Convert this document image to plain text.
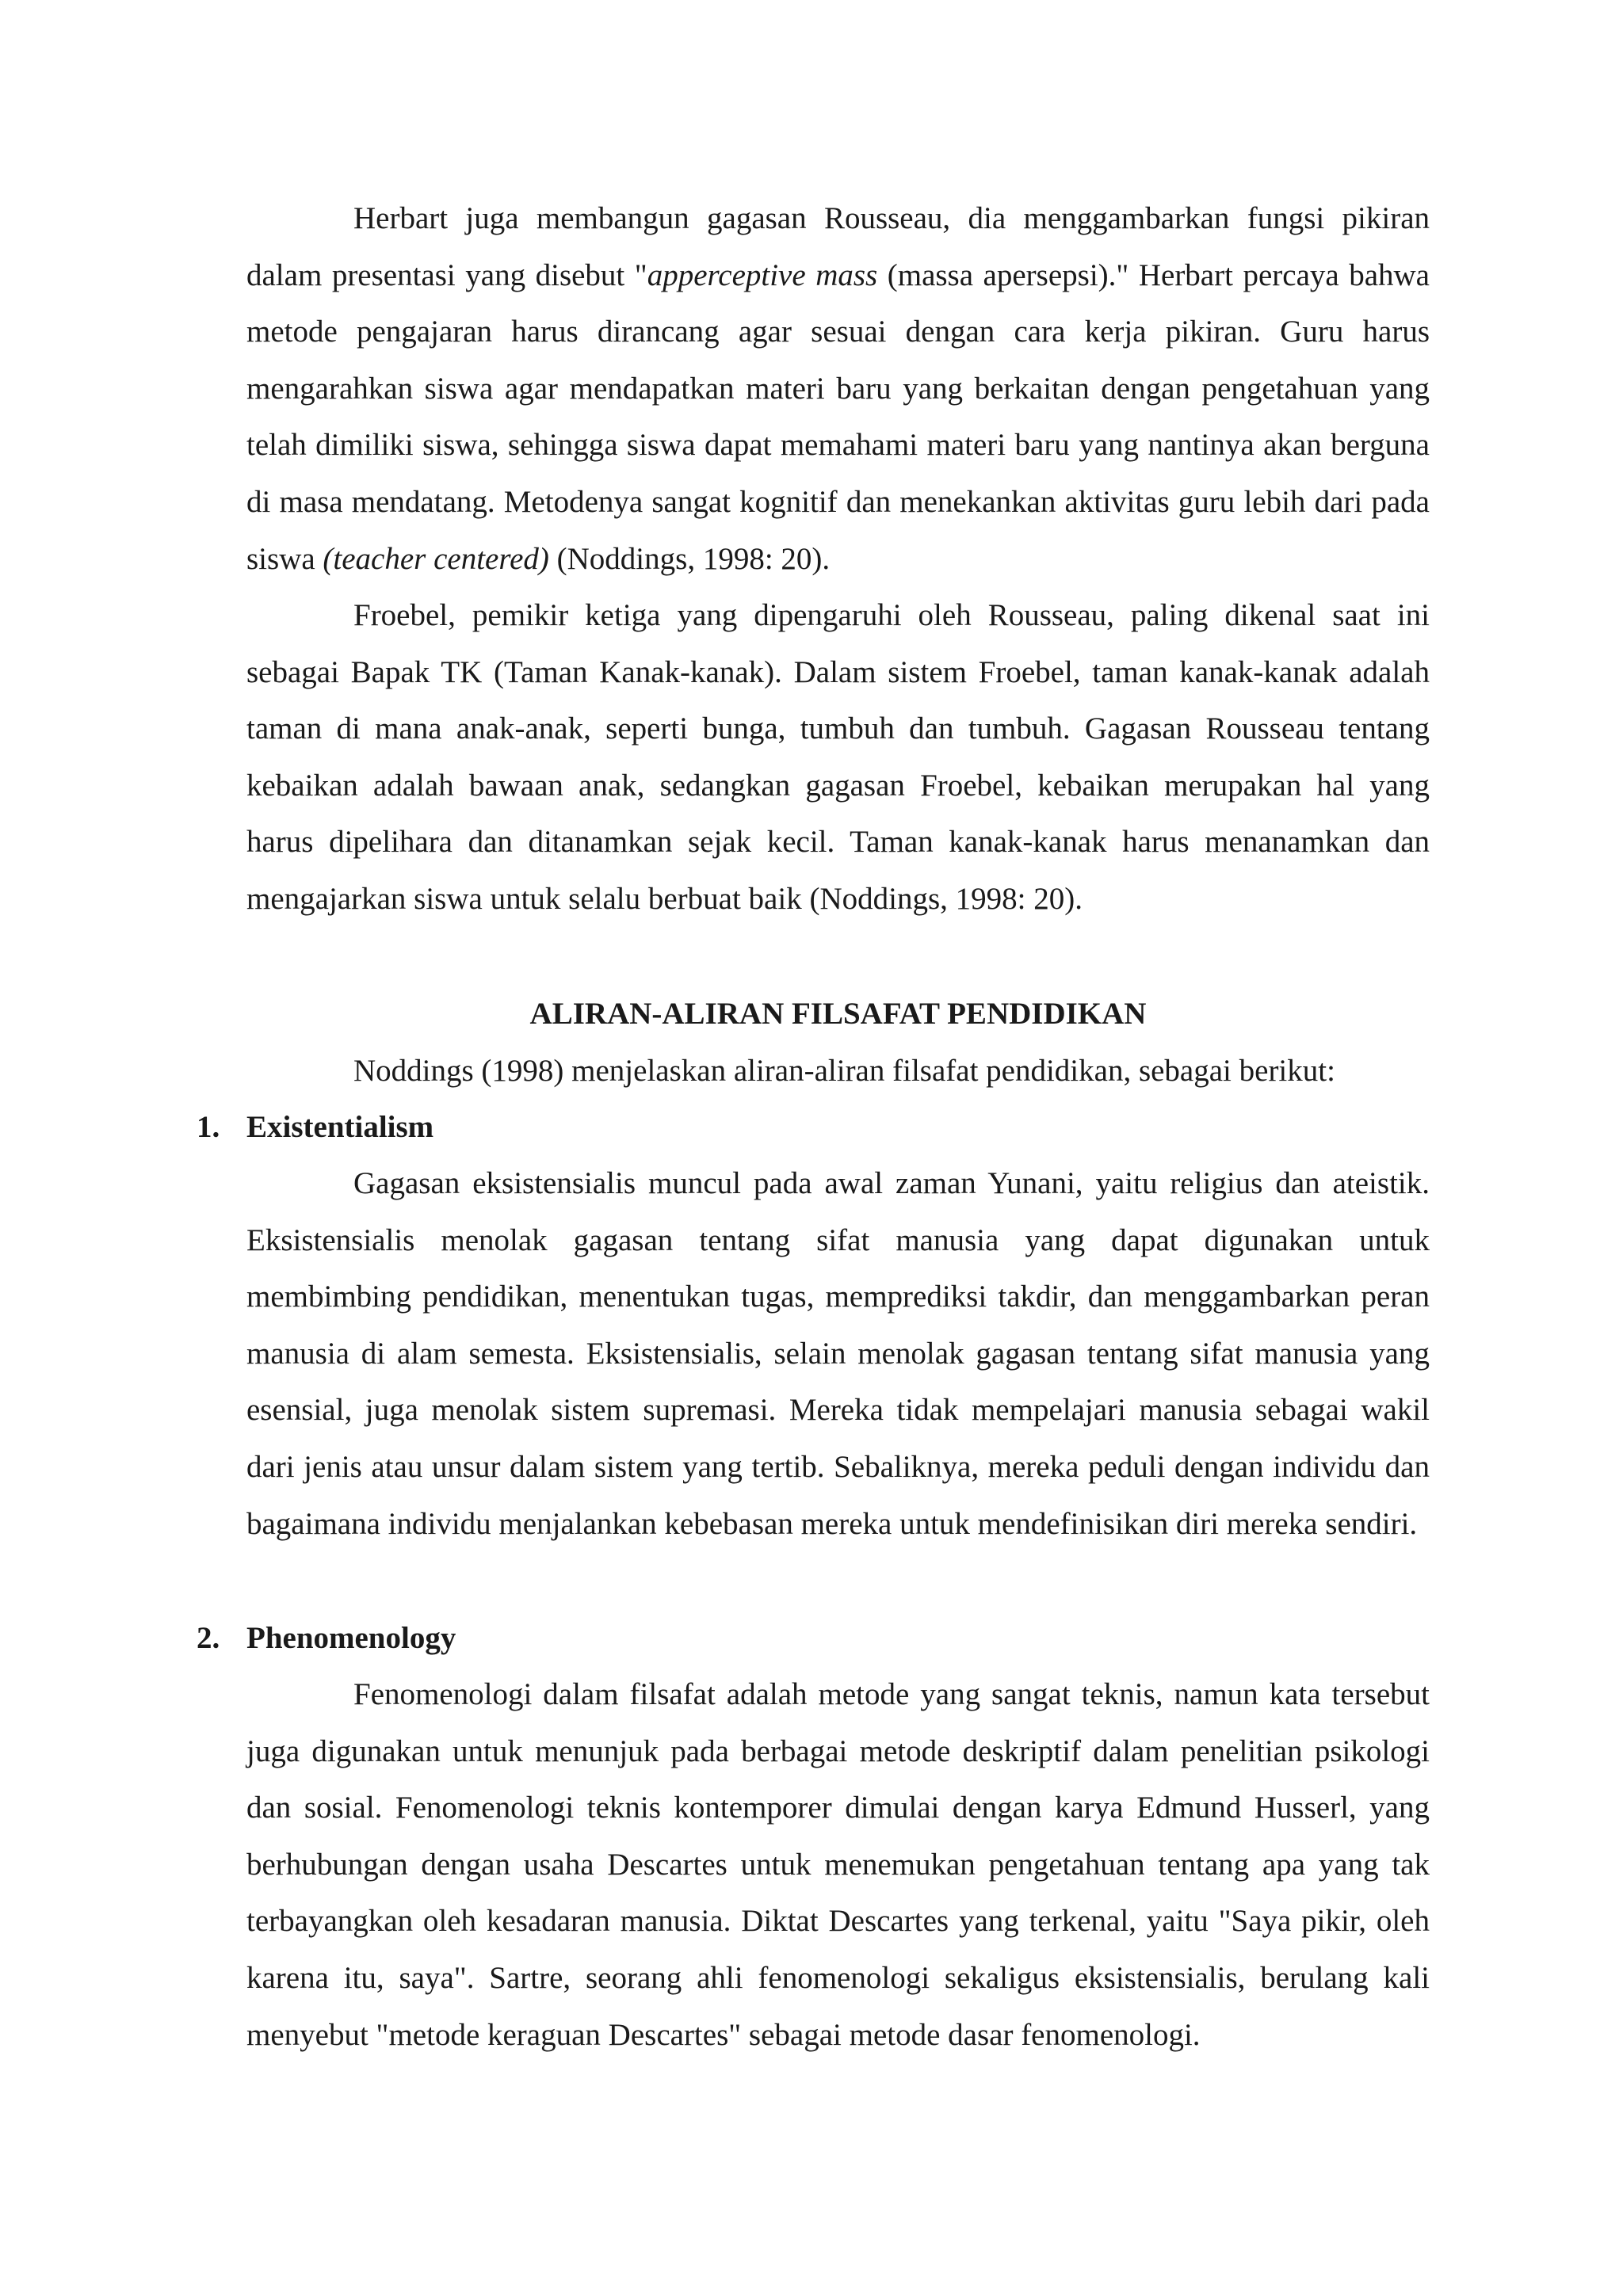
Herbart juga membangun gagasan Rousseau, dia menggambarkan fungsi pikiran dalam presentasi yang disebut "apperceptive mass (massa apersepsi)." Herbart percaya bahwa metode pengajaran harus dirancang agar sesuai dengan cara kerja pikiran. Guru harus mengarahkan siswa agar mendapatkan materi baru yang berkaitan dengan pengetahuan yang telah dimiliki siswa, sehingga siswa dapat memahami materi baru yang nantinya akan berguna di masa mendatang. Metodenya sangat kognitif dan menekankan aktivitas guru lebih dari pada siswa (teacher centered) (Noddings, 1998: 20).

Froebel, pemikir ketiga yang dipengaruhi oleh Rousseau, paling dikenal saat ini sebagai Bapak TK (Taman Kanak-kanak). Dalam sistem Froebel, taman kanak-kanak adalah taman di mana anak-anak, seperti bunga, tumbuh dan tumbuh. Gagasan Rousseau tentang kebaikan adalah bawaan anak, sedangkan gagasan Froebel, kebaikan merupakan hal yang harus dipelihara dan ditanamkan sejak kecil. Taman kanak-kanak harus menanamkan dan mengajarkan siswa untuk selalu berbuat baik (Noddings, 1998: 20).

ALIRAN-ALIRAN FILSAFAT PENDIDIKAN

Noddings (1998) menjelaskan aliran-aliran filsafat pendidikan, sebagai berikut:

1. Existentialism

Gagasan eksistensialis muncul pada awal zaman Yunani, yaitu religius dan ateistik. Eksistensialis menolak gagasan tentang sifat manusia yang dapat digunakan untuk membimbing pendidikan, menentukan tugas, memprediksi takdir, dan menggambarkan peran manusia di alam semesta. Eksistensialis, selain menolak gagasan tentang sifat manusia yang esensial, juga menolak sistem supremasi. Mereka tidak mempelajari manusia sebagai wakil dari jenis atau unsur dalam sistem yang tertib. Sebaliknya, mereka peduli dengan individu dan bagaimana individu menjalankan kebebasan mereka untuk mendefinisikan diri mereka sendiri.

2. Phenomenology

Fenomenologi dalam filsafat adalah metode yang sangat teknis, namun kata tersebut juga digunakan untuk menunjuk pada berbagai metode deskriptif dalam penelitian psikologi dan sosial. Fenomenologi teknis kontemporer dimulai dengan karya Edmund Husserl, yang berhubungan dengan usaha Descartes untuk menemukan pengetahuan tentang apa yang tak terbayangkan oleh kesadaran manusia. Diktat Descartes yang terkenal, yaitu "Saya pikir, oleh karena itu, saya". Sartre, seorang ahli fenomenologi sekaligus eksistensialis, berulang kali menyebut "metode keraguan Descartes" sebagai metode dasar fenomenologi.
